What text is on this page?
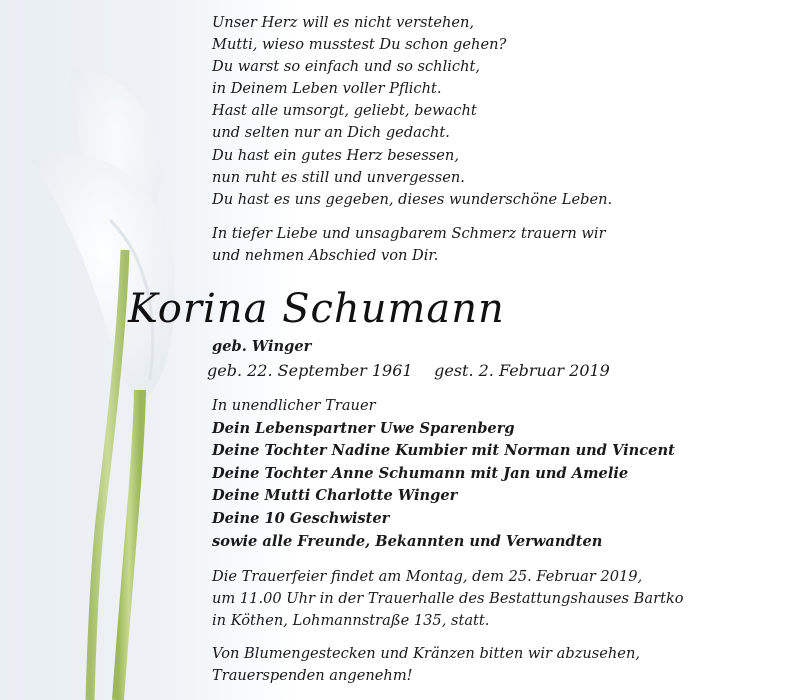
Unser Herz will es nicht verstehen,
Mutti, wieso musstest Du schon gehen?
Du warst so einfach und so schlicht,
in Deinem Leben voller Pflicht.
Hast alle umsorgt, geliebt, bewacht
und selten nur an Dich gedacht.
Du hast ein gutes Herz besessen,
nun ruht es still und unvergessen.
Du hast es uns gegeben, dieses wunderschöne Leben.
In tiefer Liebe und unsagbarem Schmerz trauern wir
und nehmen Abschied von Dir.
Korina Schumann
geb. Winger
geb. 22. September 1961 gest. 2. Februar 2019
In unendlicher Trauer
Dein Lebenspartner Uwe Sparenberg
Deine Tochter Nadine Kumbier mit Norman und Vincent
Deine Tochter Anne Schumann mit Jan und Amelie
Deine Mutti Charlotte Winger
Deine 10 Geschwister
sowie alle Freunde, Bekannten und Verwandten
Die Trauerfeier findet am Montag, dem 25. Februar 2019,
um 11.00 Uhr in der Trauerhalle des Bestattungshauses Bartko
in Köthen, Lohmannstraße 135, statt.
Von Blumengestecken und Kränzen bitten wir abzusehen,
Trauerspenden angenehm!
